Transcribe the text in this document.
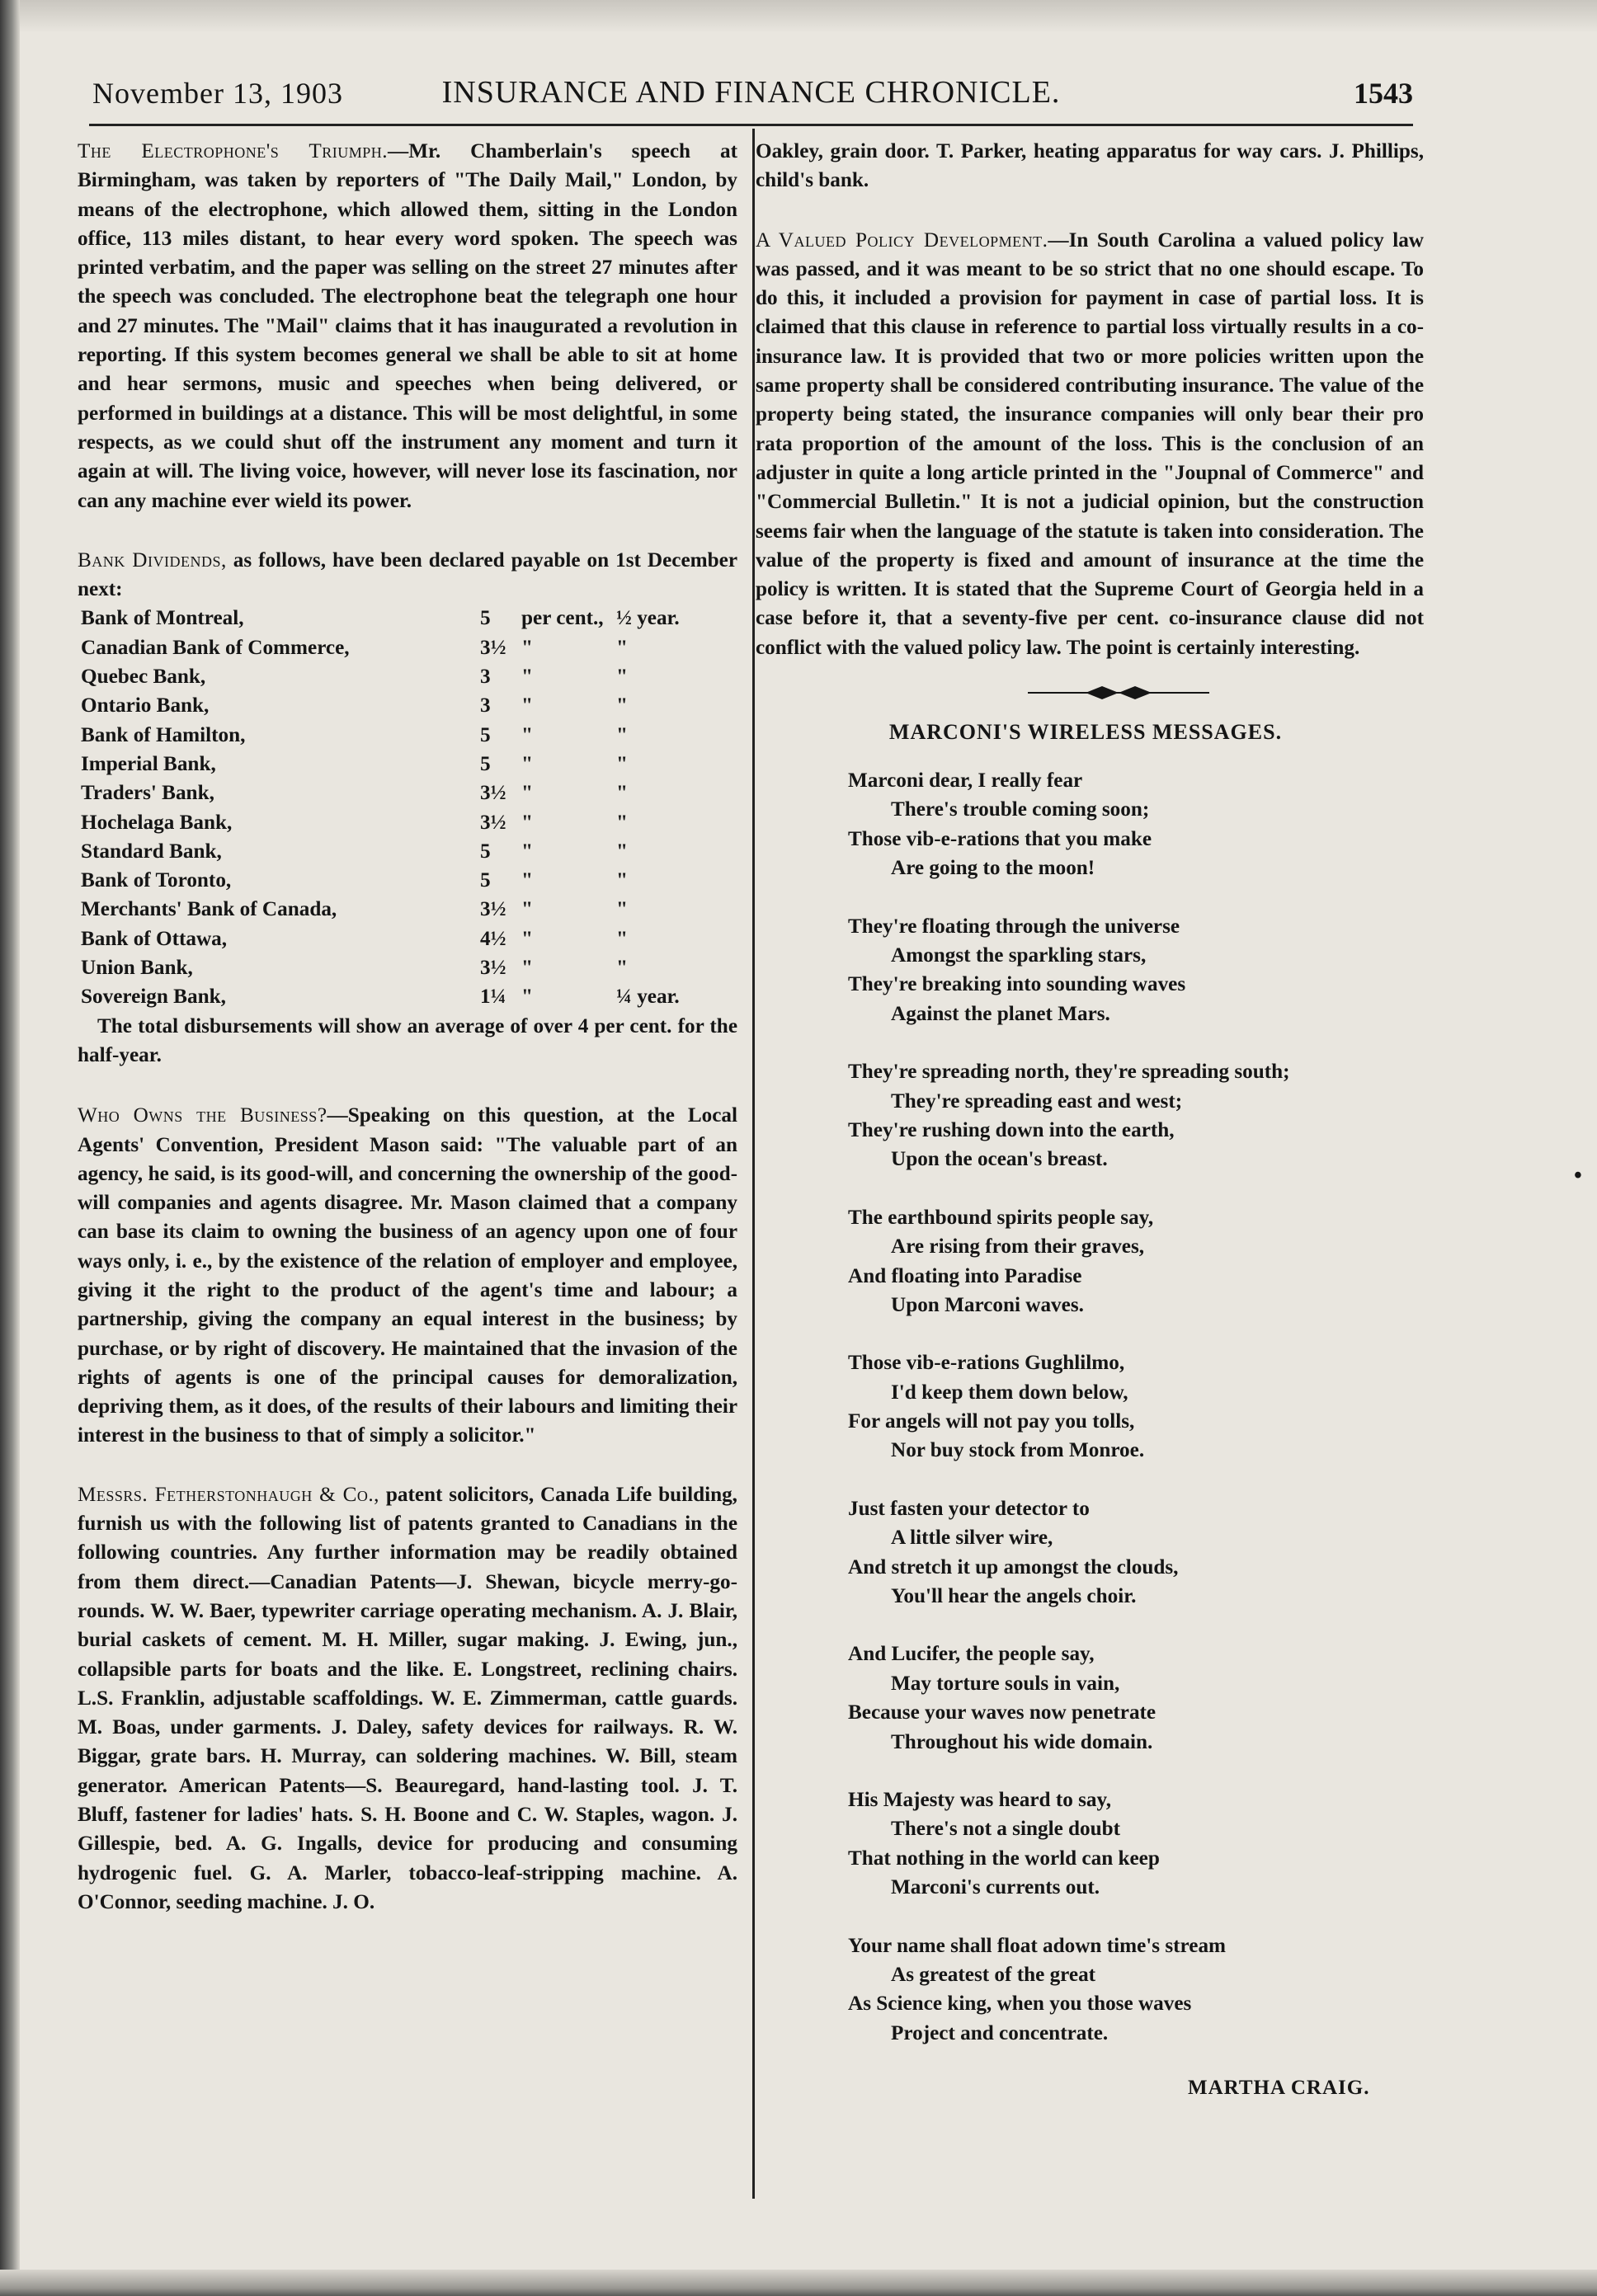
November 13, 1903	INSURANCE AND FINANCE CHRONICLE.	1543

The Electrophone's Triumph.—Mr. Chamberlain's speech at Birmingham, was taken by reporters of "The Daily Mail," London, by means of the electrophone, which allowed them, sitting in the London office, 113 miles distant, to hear every word spoken. The speech was printed verbatim, and the paper was selling on the street 27 minutes after the speech was concluded. The electrophone beat the telegraph one hour and 27 minutes. The "Mail" claims that it has inaugurated a revolution in reporting. If this system becomes general we shall be able to sit at home and hear sermons, music and speeches when being delivered, or performed in buildings at a distance. This will be most delightful, in some respects, as we could shut off the instrument any moment and turn it again at will. The living voice, however, will never lose its fascination, nor can any machine ever wield its power.

Bank Dividends, as follows, have been declared payable on 1st December next:

Bank of Montreal,	5 per cent., ½ year.
Canadian Bank of Commerce,	3½ "	"
Quebec Bank,	3 "	"
Ontario Bank,	3 "	"
Bank of Hamilton,	5 "	"
Imperial Bank,	5 "	"
Traders' Bank,	3½ "	"
Hochelaga Bank,	3½ "	"
Standard Bank,	5 "	"
Bank of Toronto,	5 "	"
Merchants' Bank of Canada,	3½ "	"
Bank of Ottawa,	4½ "	"
Union Bank,	3½ "	"
Sovereign Bank,	1¼ "	¼ year.

The total disbursements will show an average of over 4 per cent. for the half-year.

Who Owns the Business?—Speaking on this question, at the Local Agents' Convention, President Mason said: "The valuable part of an agency, he said, is its good-will, and concerning the ownership of the good-will companies and agents disagree. Mr. Mason claimed that a company can base its claim to owning the business of an agency upon one of four ways only, i. e., by the existence of the relation of employer and employee, giving it the right to the product of the agent's time and labour; a partnership, giving the company an equal interest in the business; by purchase, or by right of discovery. He maintained that the invasion of the rights of agents is one of the principal causes for demoralization, depriving them, as it does, of the results of their labours and limiting their interest in the business to that of simply a solicitor."

Messrs. Fetherstonhaugh & Co., patent solicitors, Canada Life building, furnish us with the following list of patents granted to Canadians in the following countries. Any further information may be readily obtained from them direct.—Canadian Patents—J. Shewan, bicycle merry-go-rounds. W. W. Baer, typewriter carriage operating mechanism. A. J. Blair, burial caskets of cement. M. H. Miller, sugar making. J. Ewing, jun., collapsible parts for boats and the like. E. Longstreet, reclining chairs. L.S. Franklin, adjustable scaffoldings. W. E. Zimmerman, cattle guards. M. Boas, under garments. J. Daley, safety devices for railways. R. W. Biggar, grate bars. H. Murray, can soldering machines. W. Bill, steam generator. American Patents—S. Beauregard, hand-lasting tool. J. T. Bluff, fastener for ladies' hats. S. H. Boone and C. W. Staples, wagon. J. Gillespie, bed. A. G. Ingalls, device for producing and consuming hydrogenic fuel. G. A. Marler, tobacco-leaf-stripping machine. A. O'Connor, seeding machine. J. O.

Oakley, grain door. T. Parker, heating apparatus for way cars. J. Phillips, child's bank.

A Valued Policy Development.—In South Carolina a valued policy law was passed, and it was meant to be so strict that no one should escape. To do this, it included a provision for payment in case of partial loss. It is claimed that this clause in reference to partial loss virtually results in a co-insurance law. It is provided that two or more policies written upon the same property shall be considered contributing insurance. The value of the property being stated, the insurance companies will only bear their pro rata proportion of the amount of the loss. This is the conclusion of an adjuster in quite a long article printed in the "Joupnal of Commerce" and "Commercial Bulletin." It is not a judicial opinion, but the construction seems fair when the language of the statute is taken into consideration. The value of the property is fixed and amount of insurance at the time the policy is written. It is stated that the Supreme Court of Georgia held in a case before it, that a seventy-five per cent. co-insurance clause did not conflict with the valued policy law. The point is certainly interesting.

MARCONI'S WIRELESS MESSAGES.
Marconi dear, I really fear
There's trouble coming soon;
Those vib-e-rations that you make
Are going to the moon!
They're floating through the universe
Amongst the sparkling stars,
They're breaking into sounding waves
Against the planet Mars.
They're spreading north, they're spreading south;
They're spreading east and west;
They're rushing down into the earth,
Upon the ocean's breast.
The earthbound spirits people say,
Are rising from their graves,
And floating into Paradise
Upon Marconi waves.
Those vib-e-rations Gughlilmo,
I'd keep them down below,
For angels will not pay you tolls,
Nor buy stock from Monroe.
Just fasten your detector to
A little silver wire,
And stretch it up amongst the clouds,
You'll hear the angels choir.
And Lucifer, the people say,
May torture souls in vain,
Because your waves now penetrate
Throughout his wide domain.
His Majesty was heard to say,
There's not a single doubt
That nothing in the world can keep
Marconi's currents out.
Your name shall float adown time's stream
As greatest of the great
As Science king, when you those waves
Project and concentrate.
MARTHA CRAIG.
•
